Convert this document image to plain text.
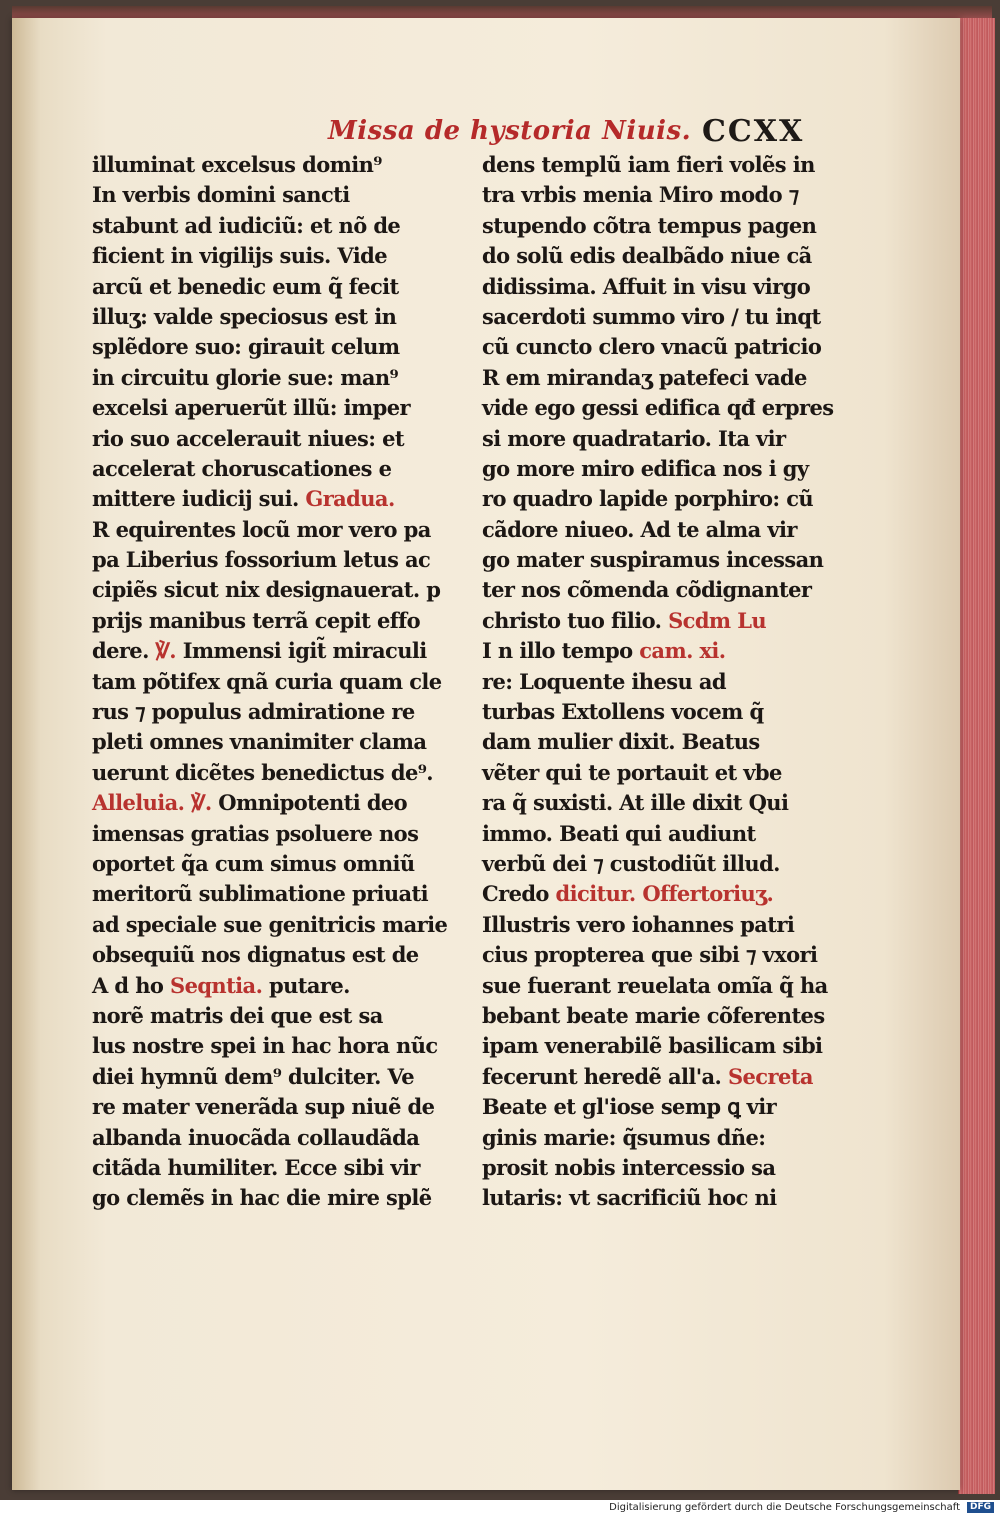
Missa de hystoria Niuis. CCXX
illuminat excelsus domin⁹
In verbis domini sancti
stabunt ad iudiciũ: et nõ de
ficient in vigilijs suis. Vide
arcũ et benedic eum q̃ fecit
illuʒ: valde speciosus est in
splẽdore suo: girauit celum
in circuitu glorie sue: man⁹
excelsi aperuerũt illũ: imper
rio suo accelerauit niues: et
accelerat choruscationes e
mittere iudicij sui. Gradua.
R equirentes locũ mor vero pa
pa Liberius fossorium letus ac
cipiẽs sicut nix designauerat. p
prijs manibus terrã cepit effo
dere. ℣. Immensi igit̃ miraculi
tam põtifex qnã curia quam cle
rus ⁊ populus admiratione re
pleti omnes vnanimiter clama
uerunt dicẽtes benedictus de⁹.
Alleluia. ℣. Omnipotenti deo
imensas gratias psoluere nos
oportet q̃a cum simus omniũ
meritorũ sublimatione priuati
ad speciale sue genitricis marie
obsequiũ nos dignatus est de
A d ho Seqntia. putare.
norẽ matris dei que est sa
lus nostre spei in hac hora nũc
diei hymnũ dem⁹ dulciter. Ve
re mater venerãda sup niuẽ de
albanda inuocãda collaudãda
citãda humiliter. Ecce sibi vir
go clemẽs in hac die mire splẽ
dens templũ iam fieri volẽs in
tra vrbis menia Miro modo ⁊
stupendo cõtra tempus pagen
do solũ edis dealbãdo niue cã
didissima. Affuit in visu virgo
sacerdoti summo viro / tu inqt
cũ cuncto clero vnacũ patricio
R em mirandaʒ patefeci vade
vide ego gessi edifica qđ erpres
si more quadratario. Ita vir
go more miro edifica nos i gy
ro quadro lapide porphiro: cũ
cãdore niueo. Ad te alma vir
go mater suspiramus incessan
ter nos cõmenda cõdignanter
christo tuo filio. Scdm Lu
I n illo tempo cam. xi.
re: Loquente ihesu ad
turbas Extollens vocem q̃
dam mulier dixit. Beatus
vẽter qui te portauit et vbe
ra q̃ suxisti. At ille dixit Qui
immo. Beati qui audiunt
verbũ dei ⁊ custodiũt illud.
Credo dicitur. Offertoriuʒ.
Illustris vero iohannes patri
cius propterea que sibi ⁊ vxori
sue fuerant reuelata omĩa q̃ ha
bebant beate marie cõferentes
ipam venerabilẽ basilicam sibi
fecerunt heredẽ all'a. Secreta
Beate et gl'iose semp ꝗ vir
ginis marie: q̃sumus dñe:
prosit nobis intercessio sa
lutaris: vt sacrificiũ hoc ni
Digitalisierung gefördert durch die Deutsche Forschungsgemeinschaft	DFG
